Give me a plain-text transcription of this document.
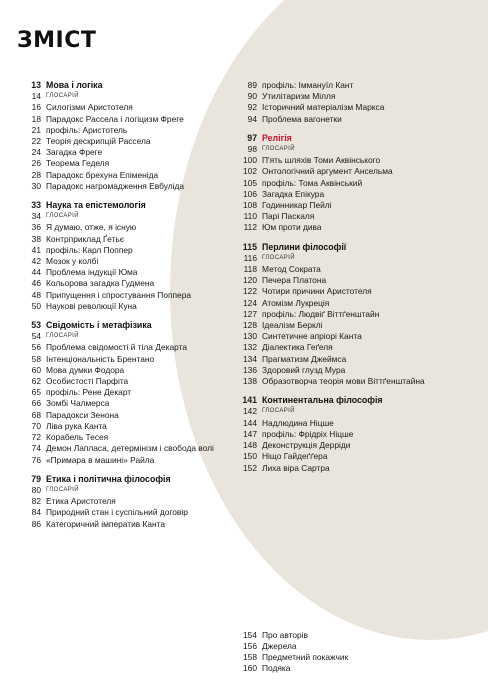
ЗМІСТ
13 Мова і логіка
14 ГЛОСАРІЙ
16 Силогізми Аристотеля
18 Парадокс Рассела і логіцизм Фреге
21 профіль: Аристотель
22 Теорія дескрипцій Рассела
24 Загадка Фреге
26 Теорема Геделя
28 Парадокс брехуна Епіменіда
30 Парадокс нагромадження Евбуліда
33 Наука та епістемологія
34 ГЛОСАРІЙ
36 Я думаю, отже, я існую
38 Контрприклад Ґетьє
41 профіль: Карл Поппер
42 Мозок у колбі
44 Проблема індукції Юма
46 Кольорова загадка Гудмена
48 Припущення і спростування Поппера
50 Наукові революції Куна
53 Свідомість і метафізика
54 ГЛОСАРІЙ
56 Проблема свідомості й тіла Декарта
58 Інтенціональність Брентано
60 Мова думки Фодора
62 Особистості Парфіта
65 профіль: Рене Декарт
66 Зомбі Чалмерса
68 Парадокси Зенона
70 Ліва рука Канта
72 Корабель Тесея
74 Демон Лапласа, детермінізм і свобода волі
76 «Примара в машині» Райла
79 Етика і політична філософія
80 ГЛОСАРІЙ
82 Етика Аристотеля
84 Природний стан і суспільний договір
86 Категоричний імператив Канта
89 профіль: Іммануїл Кант
90 Утилітаризм Мілля
92 Історичний матеріалізм Маркса
94 Проблема вагонетки
97 Релігія
98 ГЛОСАРІЙ
100 П'ять шляхів Томи Аквінського
102 Онтологічний аргумент Ансельма
105 профіль: Тома Аквінський
106 Загадка Епікура
108 Годинникар Пейлі
110 Парі Паскаля
112 Юм проти дива
115 Перлини філософії
116 ГЛОСАРІЙ
118 Метод Сократа
120 Печера Платона
122 Чотири причини Аристотеля
124 Атомізм Лукреція
127 профіль: Людвіґ Віттґенштайн
128 Ідеалізм Берклі
130 Синтетичне апріорі Канта
132 Діалектика Геґеля
134 Прагматизм Джеймса
136 Здоровий глузд Мура
138 Образотворча теорія мови Віттґенштайна
141 Континентальна філософія
142 ГЛОСАРІЙ
144 Надлюдина Ніцше
147 профіль: Фрідріх Ніцше
148 Деконструкція Дерріди
150 Ніщо Гайдеґґера
152 Лиха віра Сартра
154 Про авторів
156 Джерела
158 Предметний покажчик
160 Подяка
